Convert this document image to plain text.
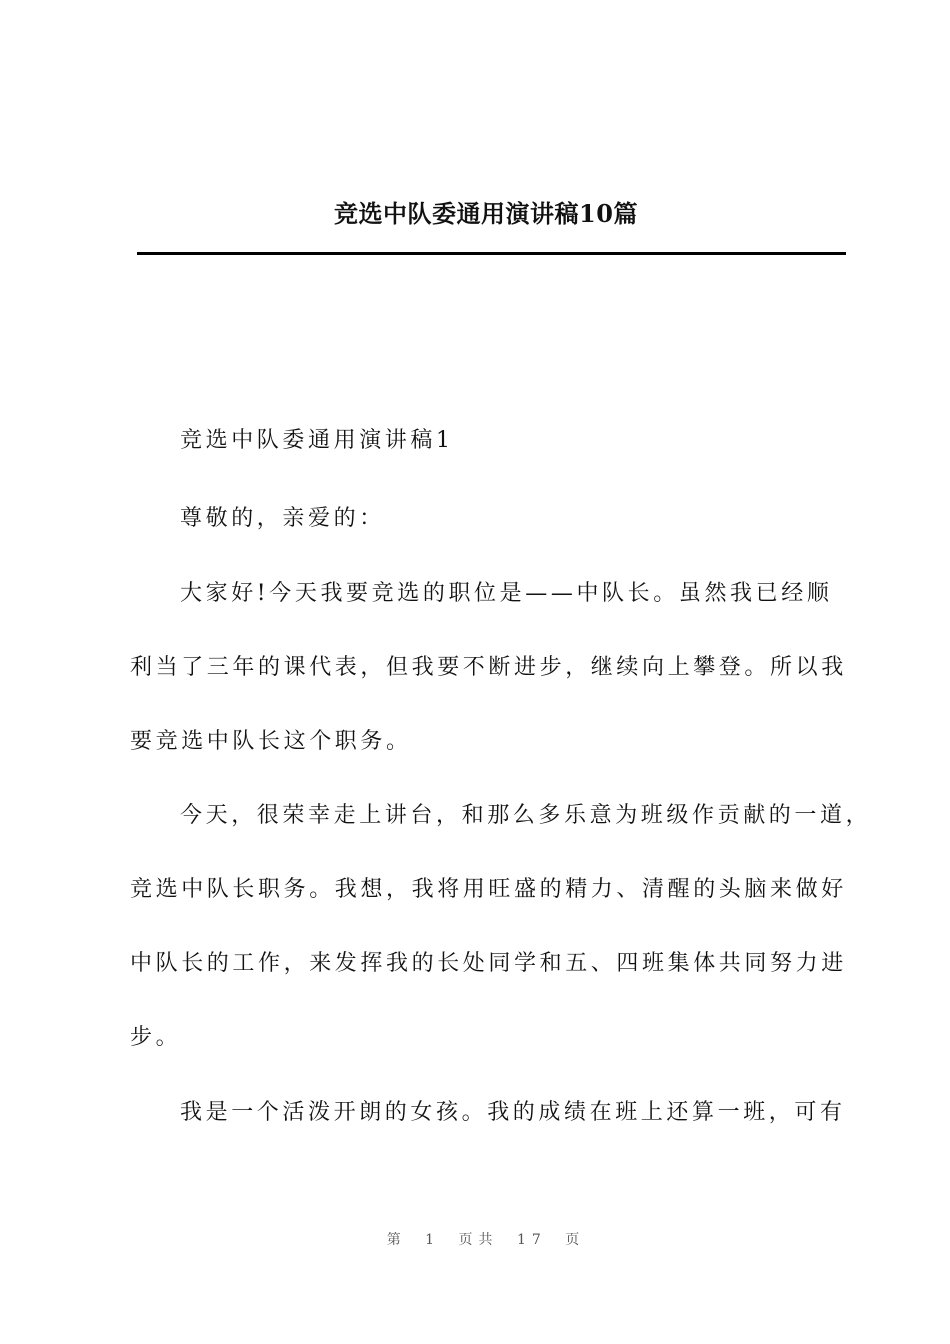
竞选中队委通用演讲稿10篇
竞选中队委通用演讲稿1
尊敬的，亲爱的：
大家好!今天我要竞选的职位是——中队长。虽然我已经顺
利当了三年的课代表，但我要不断进步，继续向上攀登。所以我
要竞选中队长这个职务。
今天，很荣幸走上讲台，和那么多乐意为班级作贡献的一道，
竞选中队长职务。我想，我将用旺盛的精力、清醒的头脑来做好
中队长的工作，来发挥我的长处同学和五、四班集体共同努力进
步。
我是一个活泼开朗的女孩。我的成绩在班上还算一班，可有
第 1 页共 17 页
